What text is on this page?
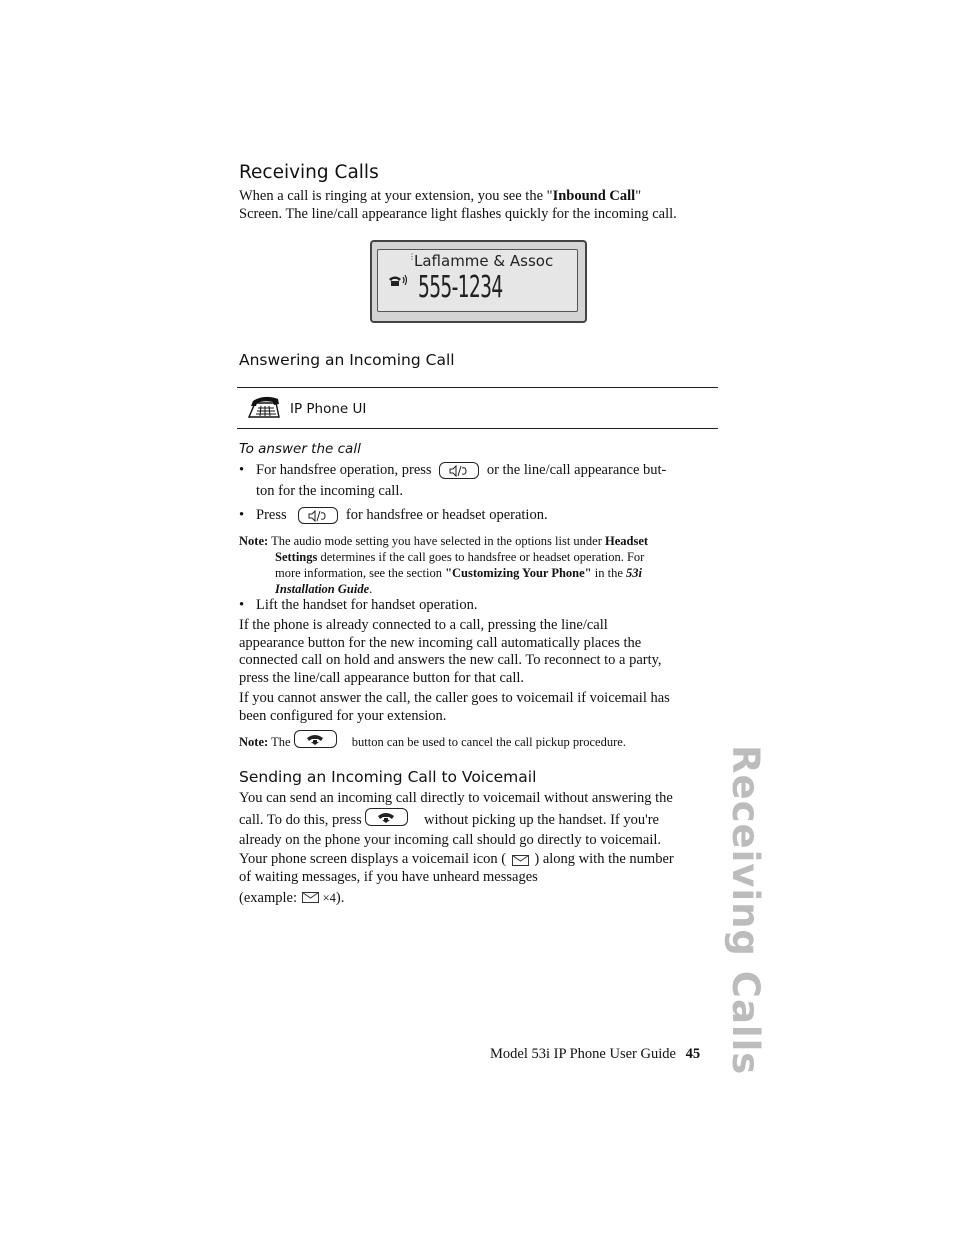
Receiving Calls

When a call is ringing at your extension, you see the "Inbound Call"

Screen. The line/call appearance light flashes quickly for the incoming call.

⋮
Laflamme & Assoc
555-1234
Answering an Incoming Call
IP Phone UI
To answer the call
• For handsfree operation, press	or the line/call appearance but-
ton for the incoming call.
• Press	for handsfree or headset operation.
Note: The audio mode setting you have selected in the options list under Headset

Settings determines if the call goes to handsfree or headset operation. For

more information, see the section "Customizing Your Phone" in the 53i

Installation Guide.

• Lift the handset for handset operation.

If the phone is already connected to a call, pressing the line/call

appearance button for the new incoming call automatically places the

connected call on hold and answers the new call. To reconnect to a party,

press the line/call appearance button for that call.

If you cannot answer the call, the caller goes to voicemail if voicemail has

been configured for your extension.

Note: The	button can be used to cancel the call pickup procedure.
Sending an Incoming Call to Voicemail
You can send an incoming call directly to voicemail without answering the
call. To do this, press	without picking up the handset. If you're
already on the phone your incoming call should go directly to voicemail.
Your phone screen displays a voicemail icon ( ) along with the number
of waiting messages, if you have unheard messages
(example: ×4).	Receiving Calls
Model 53i IP Phone User Guide 45
